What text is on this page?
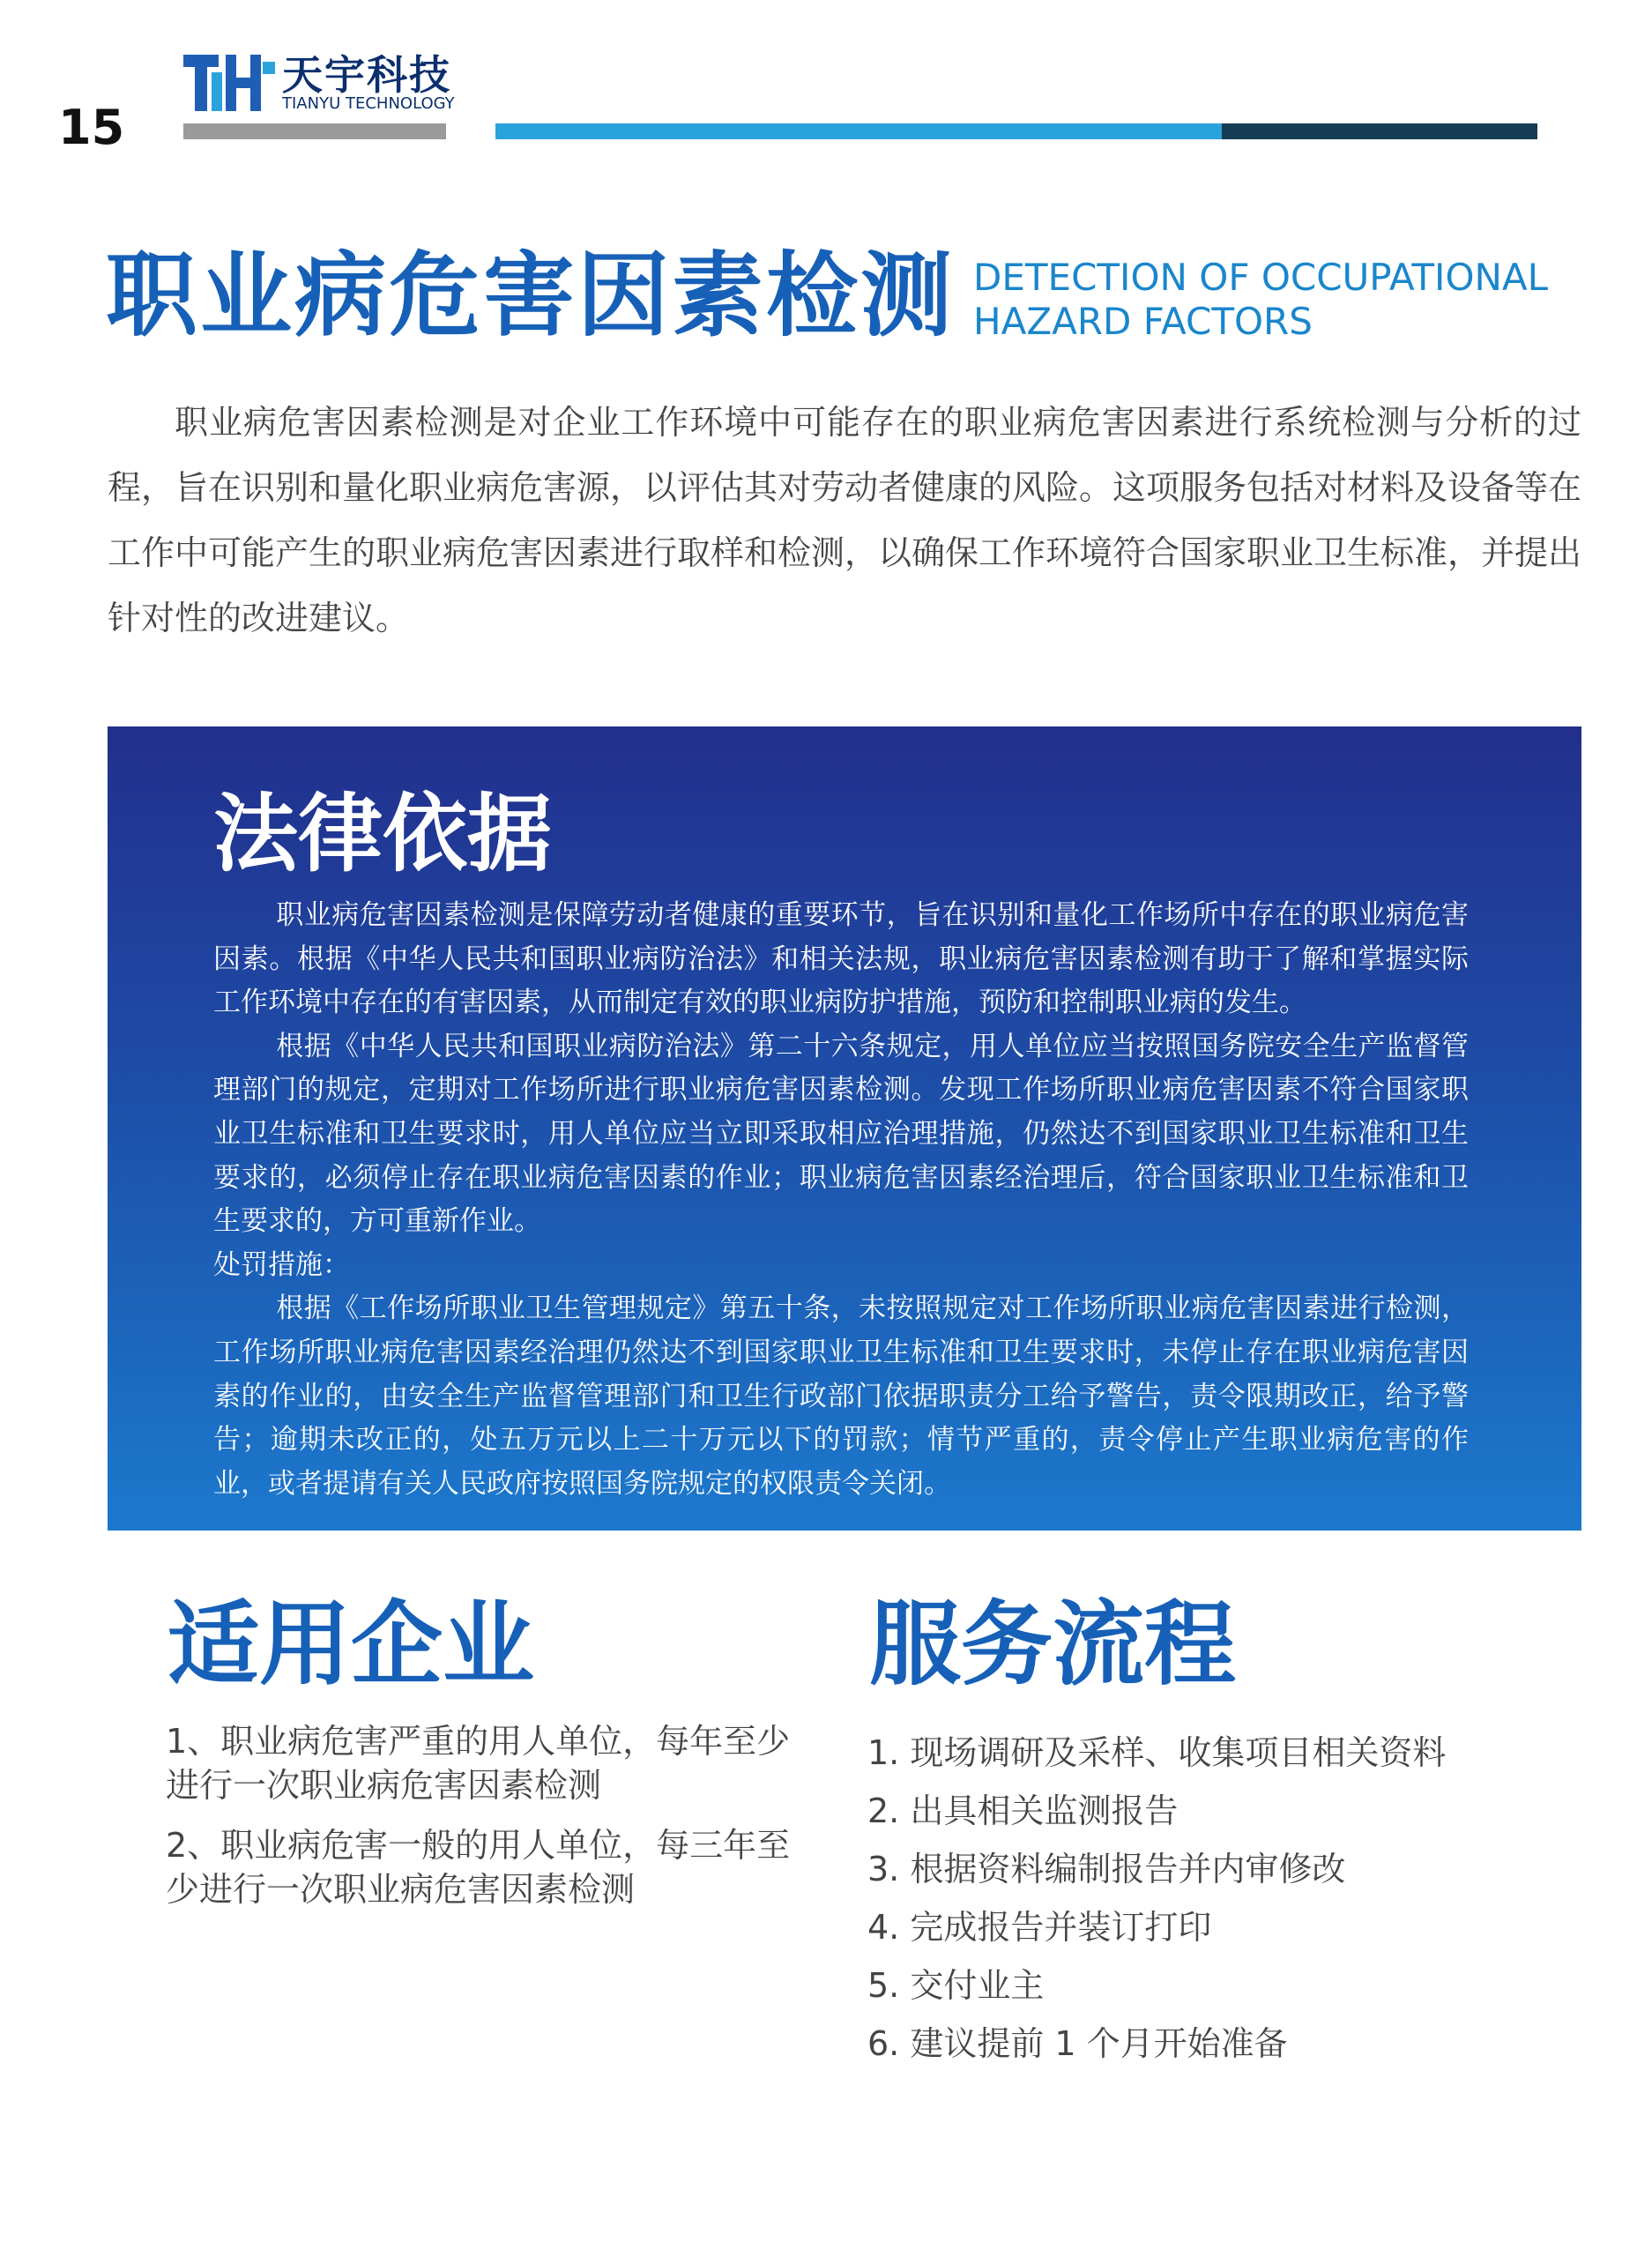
15
天宇科技
TIANYU TECHNOLOGY
职业病危害因素检测 DETECTION OF OCCUPATIONAL
HAZARD FACTORS

职业病危害因素检测是对企业工作环境中可能存在的职业病危害因素进行系统检测与分析的过程，旨在识别和量化职业病危害源，以评估其对劳动者健康的风险。这项服务包括对材料及设备等在工作中可能产生的职业病危害因素进行取样和检测，以确保工作环境符合国家职业卫生标准，并提出针对性的改进建议。

法律依据

职业病危害因素检测是保障劳动者健康的重要环节，旨在识别和量化工作场所中存在的职业病危害因素。根据《中华人民共和国职业病防治法》和相关法规，职业病危害因素检测有助于了解和掌握实际工作环境中存在的有害因素，从而制定有效的职业病防护措施，预防和控制职业病的发生。

根据《中华人民共和国职业病防治法》第二十六条规定，用人单位应当按照国务院安全生产监督管理部门的规定，定期对工作场所进行职业病危害因素检测。发现工作场所职业病危害因素不符合国家职业卫生标准和卫生要求时，用人单位应当立即采取相应治理措施，仍然达不到国家职业卫生标准和卫生要求的，必须停止存在职业病危害因素的作业；职业病危害因素经治理后，符合国家职业卫生标准和卫生要求的，方可重新作业。

处罚措施：

根据《工作场所职业卫生管理规定》第五十条，未按照规定对工作场所职业病危害因素进行检测，工作场所职业病危害因素经治理仍然达不到国家职业卫生标准和卫生要求时，未停止存在职业病危害因素的作业的，由安全生产监督管理部门和卫生行政部门依据职责分工给予警告，责令限期改正，给予警告；逾期未改正的，处五万元以上二十万元以下的罚款；情节严重的，责令停止产生职业病危害的作业，或者提请有关人民政府按照国务院规定的权限责令关闭。

适用企业
1、职业病危害严重的用人单位，每年至少进行一次职业病危害因素检测
2、职业病危害一般的用人单位，每三年至少进行一次职业病危害因素检测
服务流程
1. 现场调研及采样、收集项目相关资料
2. 出具相关监测报告
3. 根据资料编制报告并内审修改
4. 完成报告并装订打印
5. 交付业主
6. 建议提前 1 个月开始准备
